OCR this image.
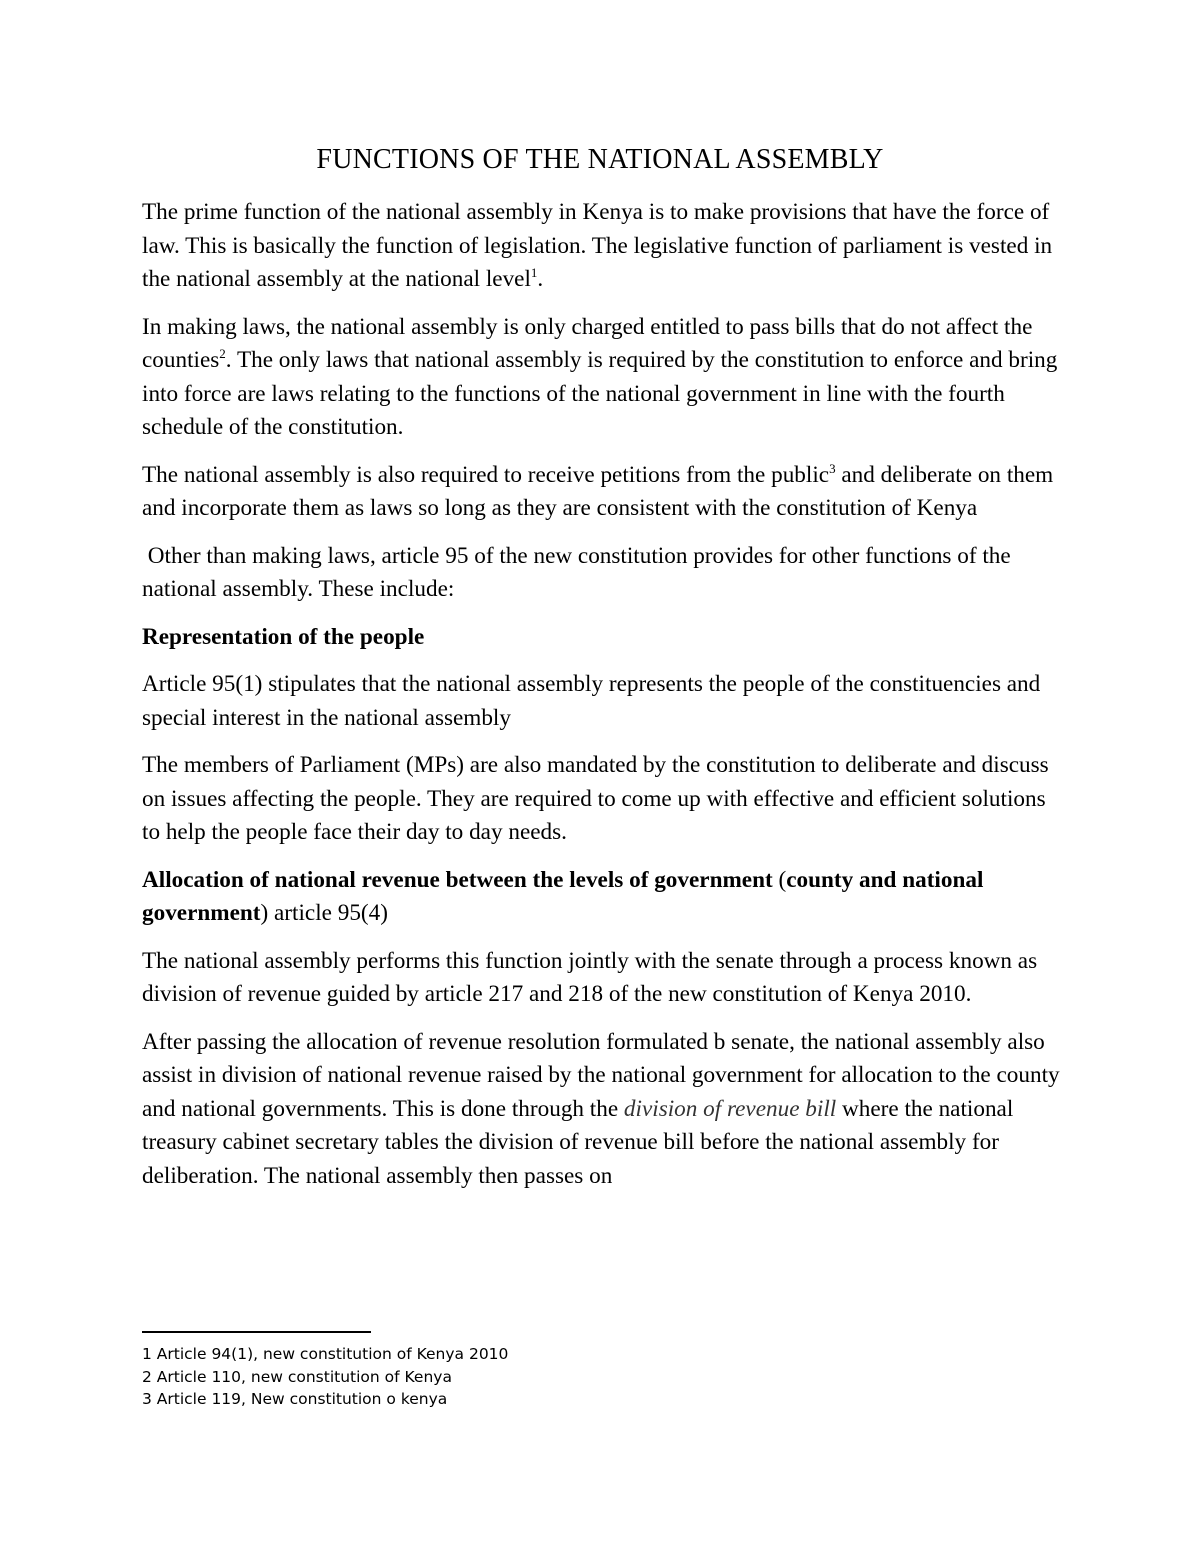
FUNCTIONS OF THE NATIONAL ASSEMBLY

The prime function of the national assembly in Kenya is to make provisions that have the force of law. This is basically the function of legislation. The legislative function of parliament is vested in the national assembly at the national level$^1$.

In making laws, the national assembly is only charged entitled to pass bills that do not affect the counties$^2$. The only laws that national assembly is required by the constitution to enforce and bring into force are laws relating to the functions of the national government in line with the fourth schedule of the constitution.

The national assembly is also required to receive petitions from the public$^3$ and deliberate on them and incorporate them as laws so long as they are consistent with the constitution of Kenya

Other than making laws, article 95 of the new constitution provides for other functions of the national assembly. These include:

Representation of the people

Article 95(1) stipulates that the national assembly represents the people of the constituencies and special interest in the national assembly

The members of Parliament (MPs) are also mandated by the constitution to deliberate and discuss on issues affecting the people. They are required to come up with effective and efficient solutions to help the people face their day to day needs.

Allocation of national revenue between the levels of government (county and national government) article 95(4)

The national assembly performs this function jointly with the senate through a process known as division of revenue guided by article 217 and 218 of the new constitution of Kenya 2010.

After passing the allocation of revenue resolution formulated b senate, the national assembly also assist in division of national revenue raised by the national government for allocation to the county and national governments. This is done through the division of revenue bill where the national treasury cabinet secretary tables the division of revenue bill before the national assembly for deliberation. The national assembly then passes on

1 Article 94(1), new constitution of Kenya 2010
2 Article 110, new constitution of Kenya
3 Article 119, New constitution o kenya
